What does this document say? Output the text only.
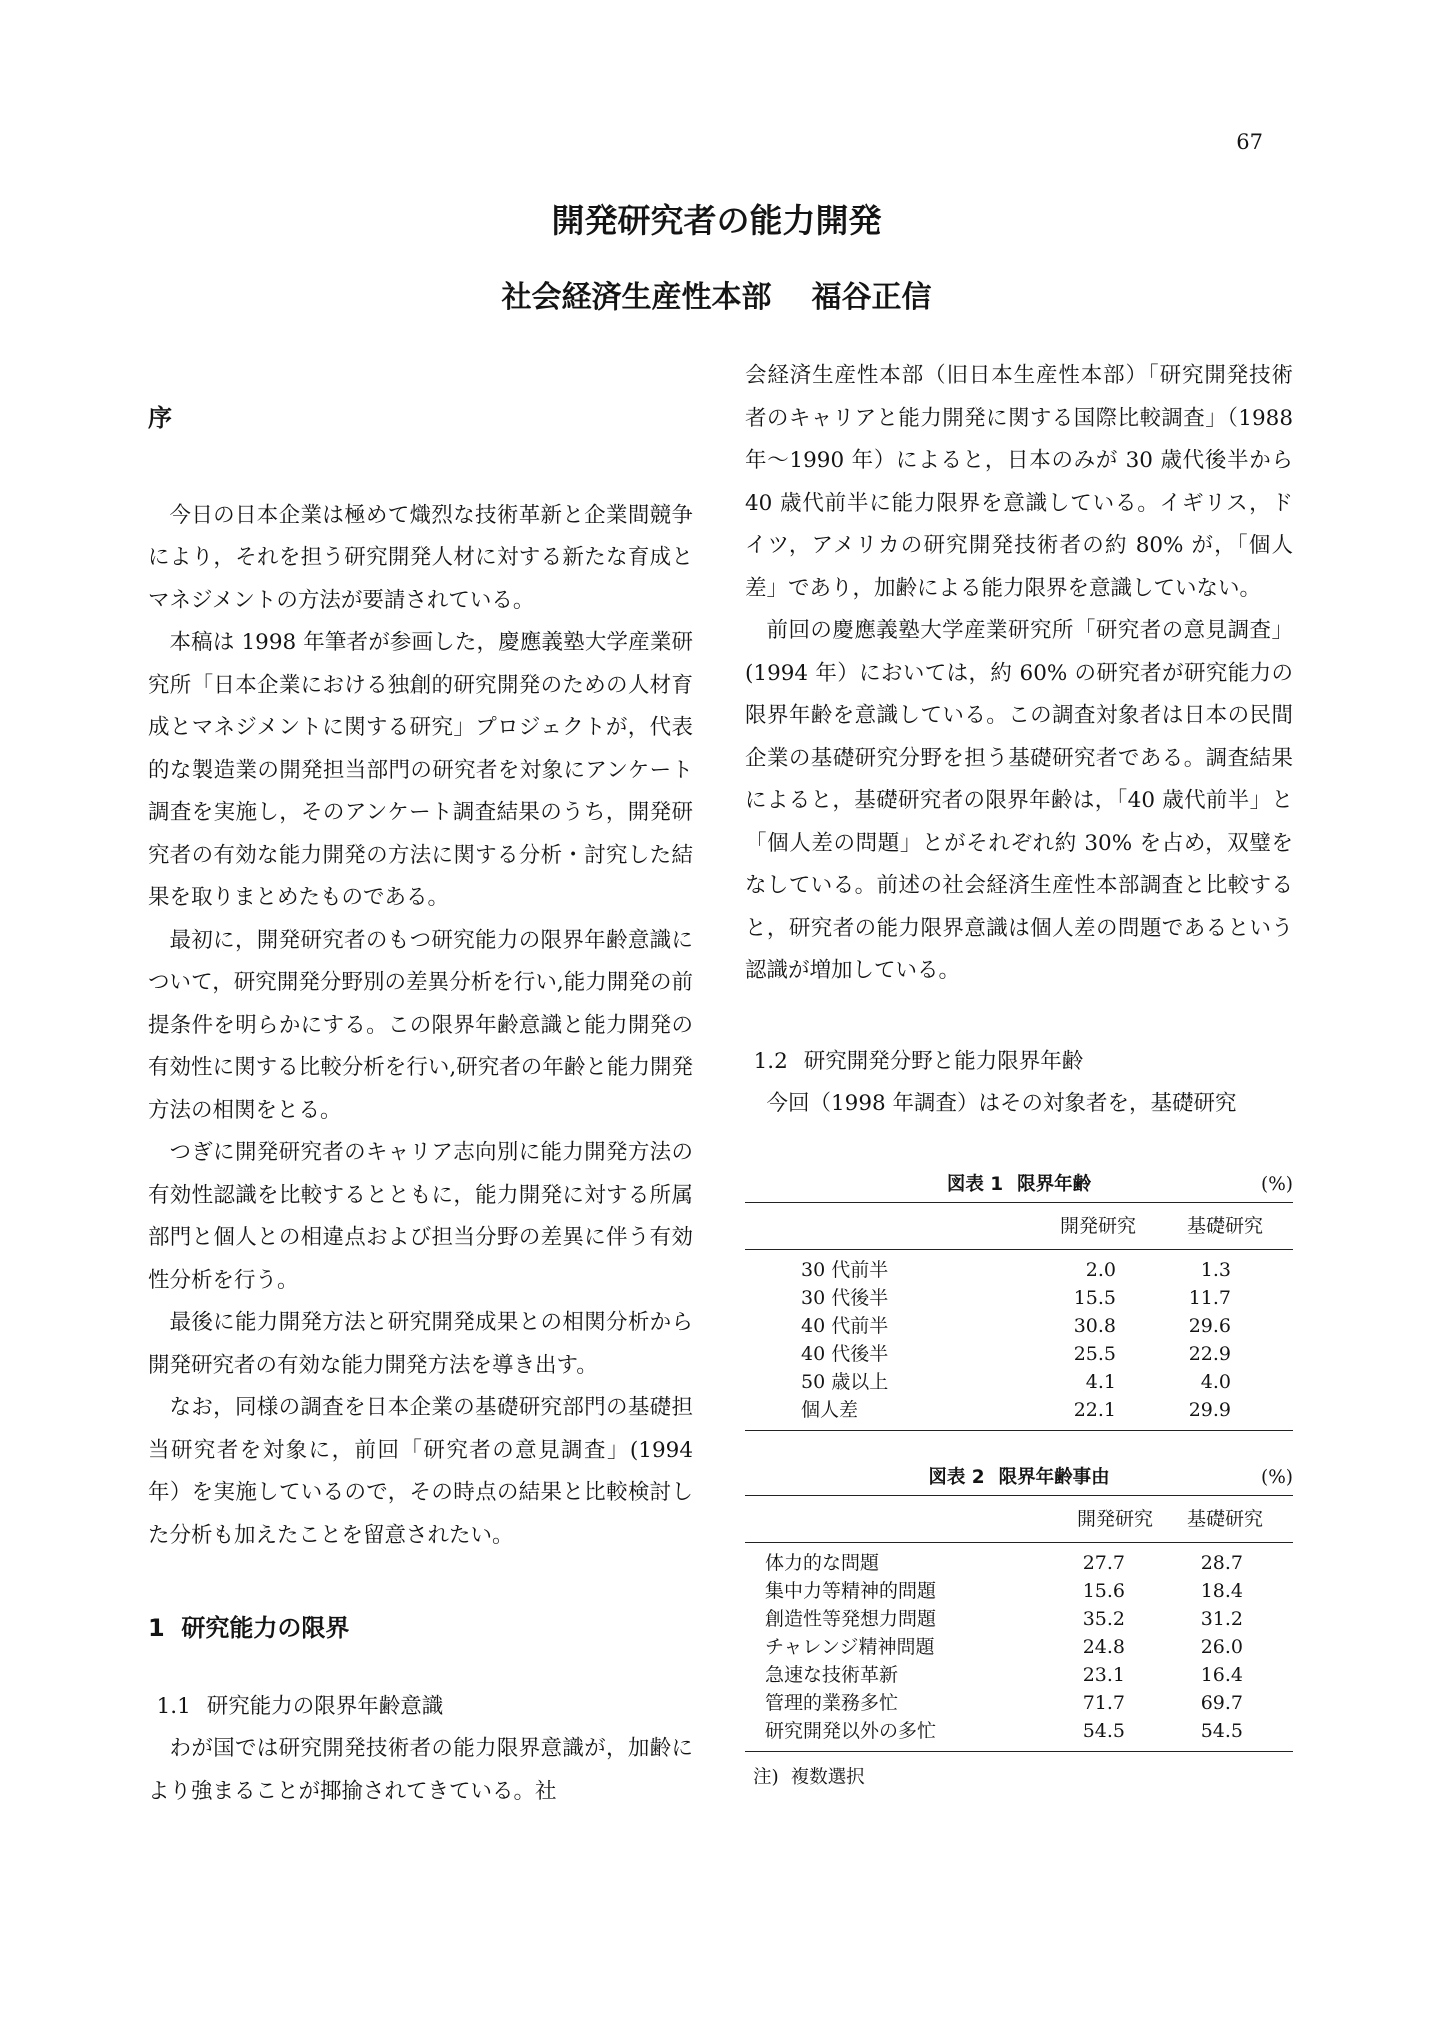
67
開発研究者の能力開発
社会経済生産性本部 福谷正信
序

今日の日本企業は極めて熾烈な技術革新と企業間競争により，それを担う研究開発人材に対する新たな育成とマネジメントの方法が要請されている。

本稿は 1998 年筆者が参画した，慶應義塾大学産業研究所「日本企業における独創的研究開発のための人材育成とマネジメントに関する研究」プロジェクトが，代表的な製造業の開発担当部門の研究者を対象にアンケート調査を実施し，そのアンケート調査結果のうち，開発研究者の有効な能力開発の方法に関する分析・討究した結果を取りまとめたものである。

最初に，開発研究者のもつ研究能力の限界年齢意識について，研究開発分野別の差異分析を行い,能力開発の前提条件を明らかにする。この限界年齢意識と能力開発の有効性に関する比較分析を行い,研究者の年齢と能力開発方法の相関をとる。

つぎに開発研究者のキャリア志向別に能力開発方法の有効性認識を比較するとともに，能力開発に対する所属部門と個人との相違点および担当分野の差異に伴う有効性分析を行う。

最後に能力開発方法と研究開発成果との相関分析から開発研究者の有効な能力開発方法を導き出す。

なお，同様の調査を日本企業の基礎研究部門の基礎担当研究者を対象に，前回「研究者の意見調査」(1994 年）を実施しているので，その時点の結果と比較検討した分析も加えたことを留意されたい。

1 研究能力の限界
1.1 研究能力の限界年齢意識

わが国では研究開発技術者の能力限界意識が，加齢により強まることが揶揄されてきている。社

会経済生産性本部（旧日本生産性本部）「研究開発技術者のキャリアと能力開発に関する国際比較調査」（1988 年～1990 年）によると，日本のみが 30 歳代後半から 40 歳代前半に能力限界を意識している。イギリス，ドイツ，アメリカの研究開発技術者の約 80% が，「個人差」であり，加齢による能力限界を意識していない。

前回の慶應義塾大学産業研究所「研究者の意見調査」(1994 年）においては，約 60% の研究者が研究能力の限界年齢を意識している。この調査対象者は日本の民間企業の基礎研究分野を担う基礎研究者である。調査結果によると，基礎研究者の限界年齢は，「40 歳代前半」と「個人差の問題」とがそれぞれ約 30% を占め，双璧をなしている。前述の社会経済生産性本部調査と比較すると，研究者の能力限界意識は個人差の問題であるという認識が増加している。

1.2 研究開発分野と能力限界年齢

今回（1998 年調査）はその対象者を，基礎研究

図表 1 限界年齢	(%)
	開発研究	基礎研究
30 代前半	2.0	1.3
30 代後半	15.5	11.7
40 代前半	30.8	29.6
40 代後半	25.5	22.9
50 歳以上	4.1	4.0
個人差	22.1	29.9
図表 2 限界年齢事由	(%)
	開発研究	基礎研究
体力的な問題	27.7	28.7
集中力等精神的問題	15.6	18.4
創造性等発想力問題	35.2	31.2
チャレンジ精神問題	24.8	26.0
急速な技術革新	23.1	16.4
管理的業務多忙	71.7	69.7
研究開発以外の多忙	54.5	54.5
注) 複数選択
